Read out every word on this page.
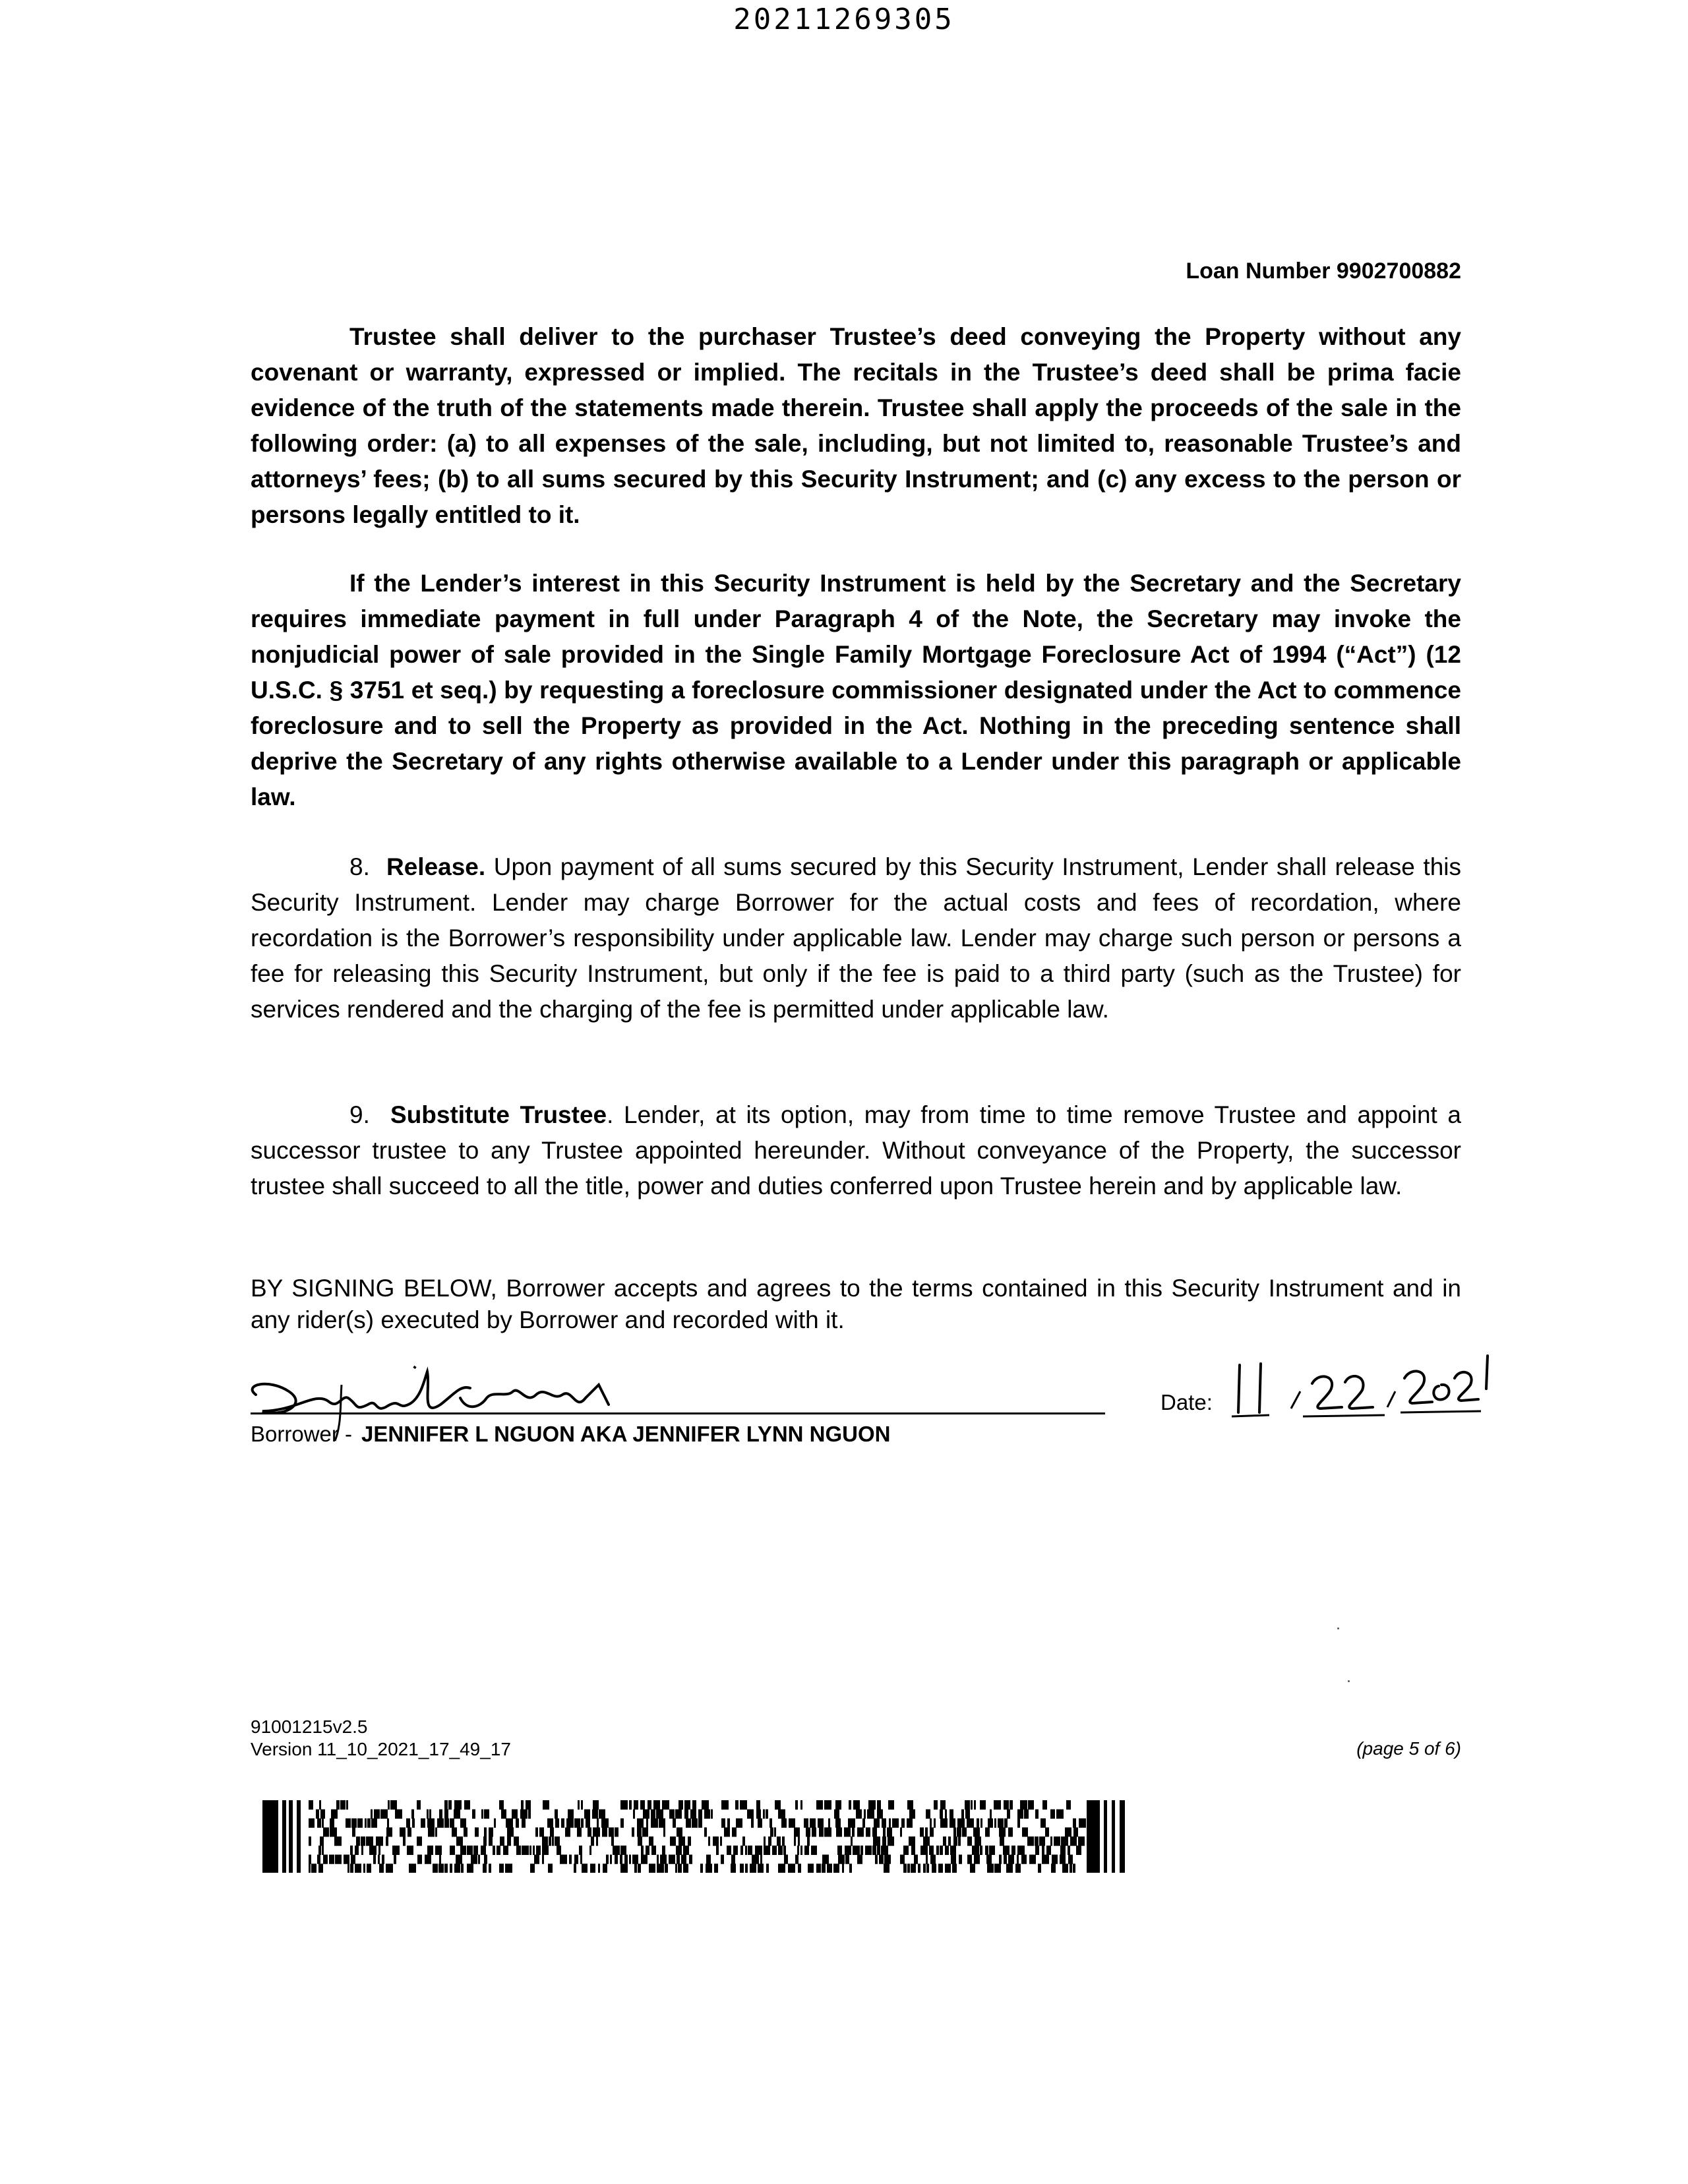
20211269305
Loan Number 9902700882

Trustee shall deliver to the purchaser Trustee’s deed conveying the Property without any covenant or warranty, expressed or implied. The recitals in the Trustee’s deed shall be prima facie evidence of the truth of the statements made therein. Trustee shall apply the proceeds of the sale in the following order: (a) to all expenses of the sale, including, but not limited to, reasonable Trustee’s and attorneys’ fees; (b) to all sums secured by this Security Instrument; and (c) any excess to the person or persons legally entitled to it.

If the Lender’s interest in this Security Instrument is held by the Secretary and the Secretary requires immediate payment in full under Paragraph 4 of the Note, the Secretary may invoke the nonjudicial power of sale provided in the Single Family Mortgage Foreclosure Act of 1994 (“Act”) (12 U.S.C. § 3751 et seq.) by requesting a foreclosure commissioner designated under the Act to commence foreclosure and to sell the Property as provided in the Act. Nothing in the preceding sentence shall deprive the Secretary of any rights otherwise available to a Lender under this paragraph or applicable law.

8. Release. Upon payment of all sums secured by this Security Instrument, Lender shall release this Security Instrument. Lender may charge Borrower for the actual costs and fees of recordation, where recordation is the Borrower’s responsibility under applicable law. Lender may charge such person or persons a fee for releasing this Security Instrument, but only if the fee is paid to a third party (such as the Trustee) for services rendered and the charging of the fee is permitted under applicable law.

9. Substitute Trustee. Lender, at its option, may from time to time remove Trustee and appoint a successor trustee to any Trustee appointed hereunder. Without conveyance of the Property, the successor trustee shall succeed to all the title, power and duties conferred upon Trustee herein and by applicable law.

BY SIGNING BELOW, Borrower accepts and agrees to the terms contained in this Security Instrument and in any rider(s) executed by Borrower and recorded with it.

Borrower - JENNIFER L NGUON AKA JENNIFER LYNN NGUON
Date:
91001215v2.5
Version 11_10_2021_17_49_17	(page 5 of 6)
